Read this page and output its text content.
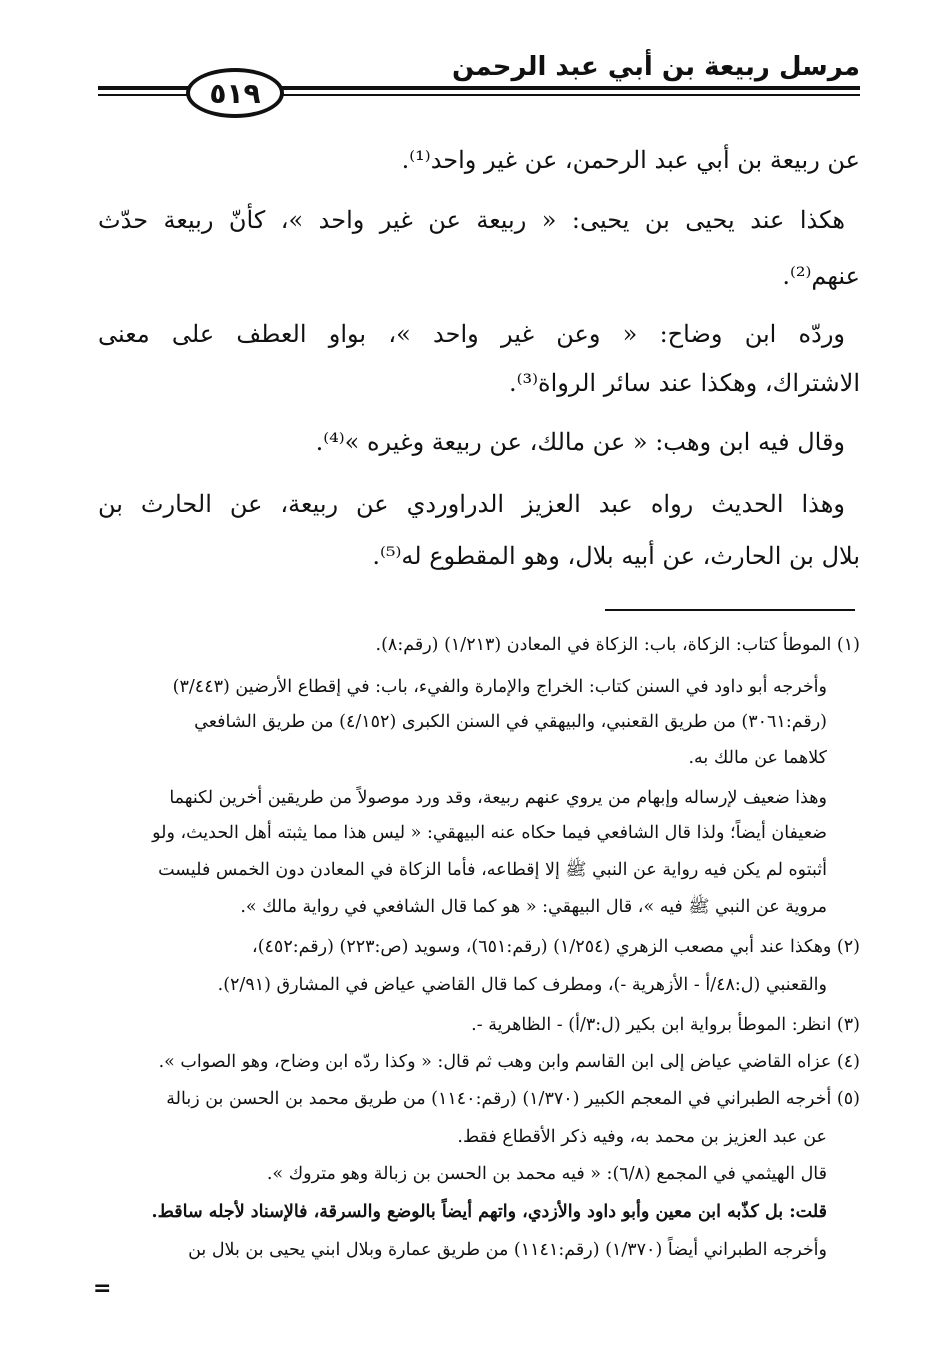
مرسل ربيعة بن أبي عبد الرحمن
٥١٩
عن ربيعة بن أبي عبد الرحمن، عن غير واحد⁽¹⁾.
هكذا عند يحيى بن يحيى: « ربيعة عن غير واحد »، كأنّ ربيعة حدّث
عنهم⁽²⁾.
وردّه ابن وضاح: « وعن غير واحد »، بواو العطف على معنى
الاشتراك، وهكذا عند سائر الرواة⁽³⁾.
وقال فيه ابن وهب: « عن مالك، عن ربيعة وغيره »⁽⁴⁾.
وهذا الحديث رواه عبد العزيز الدراوردي عن ربيعة، عن الحارث بن
بلال بن الحارث، عن أبيه بلال، وهو المقطوع له⁽⁵⁾.
(١) الموطأ كتاب: الزكاة، باب: الزكاة في المعادن (١/٢١٣) (رقم:٨).
وأخرجه أبو داود في السنن كتاب: الخراج والإمارة والفيء، باب: في إقطاع الأرضين (٣/٤٤٣)
(رقم:٣٠٦١) من طريق القعنبي، والبيهقي في السنن الكبرى (٤/١٥٢) من طريق الشافعي
كلاهما عن مالك به.
وهذا ضعيف لإرساله وإبهام من يروي عنهم ربيعة، وقد ورد موصولاً من طريقين أخرين لكنهما
ضعيفان أيضاً؛ ولذا قال الشافعي فيما حكاه عنه البيهقي: « ليس هذا مما يثبته أهل الحديث، ولو
أثبتوه لم يكن فيه رواية عن النبي ﷺ إلا إقطاعه، فأما الزكاة في المعادن دون الخمس فليست
مروية عن النبي ﷺ فيه »، قال البيهقي: « هو كما قال الشافعي في رواية مالك ».
(٢) وهكذا عند أبي مصعب الزهري (١/٢٥٤) (رقم:٦٥١)، وسويد (ص:٢٢٣) (رقم:٤٥٢)،
والقعنبي (ل:٤٨/أ - الأزهرية -)، ومطرف كما قال القاضي عياض في المشارق (٢/٩١).
(٣) انظر: الموطأ برواية ابن بكير (ل:٣/أ) - الظاهرية -.
(٤) عزاه القاضي عياض إلى ابن القاسم وابن وهب ثم قال: « وكذا ردّه ابن وضاح، وهو الصواب ».
(٥) أخرجه الطبراني في المعجم الكبير (١/٣٧٠) (رقم:١١٤٠) من طريق محمد بن الحسن بن زبالة
عن عبد العزيز بن محمد به، وفيه ذكر الأقطاع فقط.
قال الهيثمي في المجمع (٦/٨): « فيه محمد بن الحسن بن زبالة وهو متروك ».
قلت: بل كذّبه ابن معين وأبو داود والأزدي، واتهم أيضاً بالوضع والسرقة، فالإسناد لأجله ساقط.
وأخرجه الطبراني أيضاً (١/٣٧٠) (رقم:١١٤١) من طريق عمارة وبلال ابني يحيى بن بلال بن
=
